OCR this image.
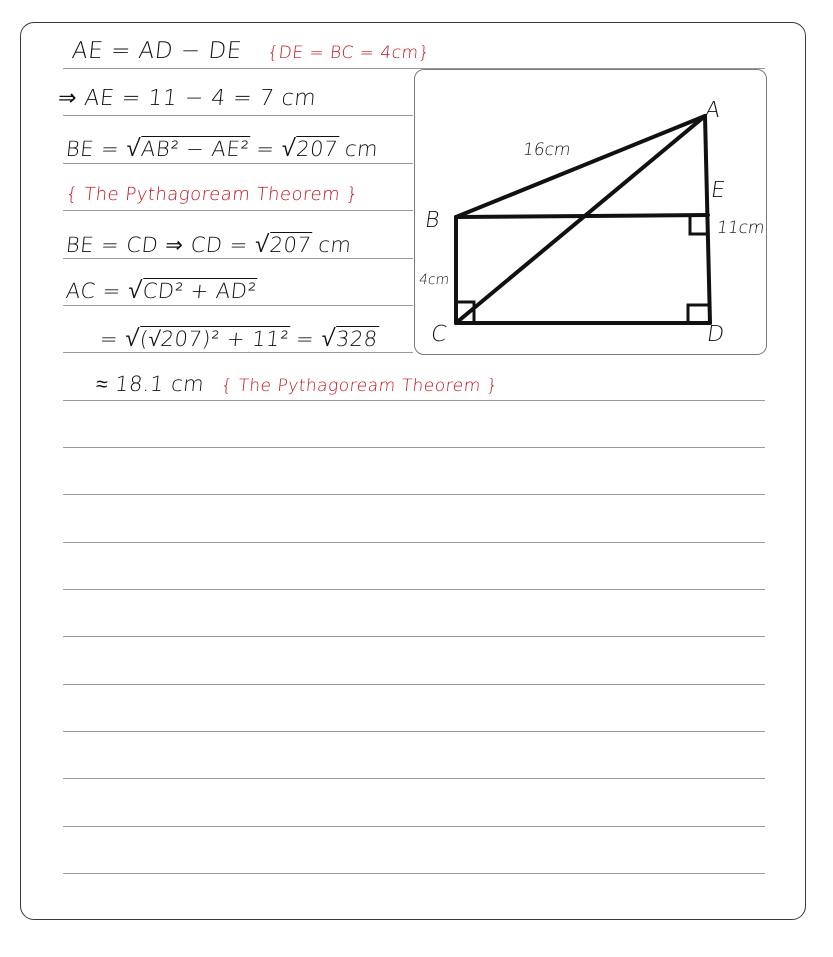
AE = AD − DE {DE = BC = 4cm}
⇒ AE = 11 − 4 = 7 cm
BE = √AB² − AE² = √207 cm
{ The Pythagoream Theorem }
BE = CD ⇒ CD = √207 cm
AC = √CD² + AD²
= √(√207)² + 11² = √328
≈ 18.1 cm { The Pythagoream Theorem }
A
B
C	D
E
16cm
11cm
4cm
